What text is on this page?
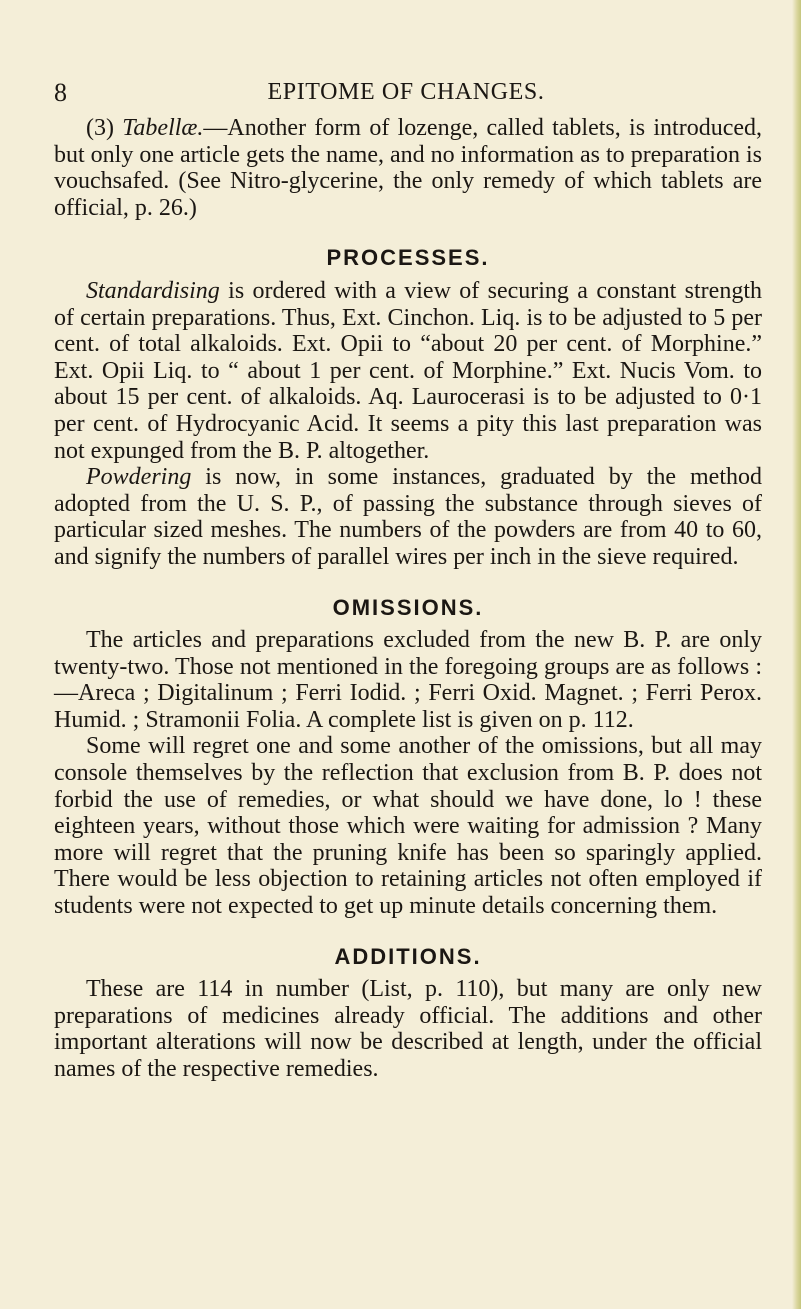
8	EPITOME OF CHANGES.

(3) Tabellæ.—Another form of lozenge, called tablets, is introduced, but only one article gets the name, and no information as to preparation is vouchsafed. (See Nitro-glycerine, the only remedy of which tablets are official, p. 26.)

PROCESSES.

Standardising is ordered with a view of securing a constant strength of certain preparations. Thus, Ext. Cinchon. Liq. is to be adjusted to 5 per cent. of total alkaloids. Ext. Opii to “about 20 per cent. of Morphine.” Ext. Opii Liq. to “ about 1 per cent. of Morphine.” Ext. Nucis Vom. to about 15 per cent. of alkaloids. Aq. Laurocerasi is to be adjusted to 0·1 per cent. of Hydrocyanic Acid. It seems a pity this last preparation was not expunged from the B. P. altogether.

Powdering is now, in some instances, graduated by the method adopted from the U. S. P., of passing the substance through sieves of particular sized meshes. The numbers of the powders are from 40 to 60, and signify the numbers of parallel wires per inch in the sieve required.

OMISSIONS.

The articles and preparations excluded from the new B. P. are only twenty-two. Those not mentioned in the foregoing groups are as follows :—Areca ; Digitalinum ; Ferri Iodid. ; Ferri Oxid. Magnet. ; Ferri Perox. Humid. ; Stramonii Folia. A complete list is given on p. 112.

Some will regret one and some another of the omissions, but all may console themselves by the reflection that exclusion from B. P. does not forbid the use of remedies, or what should we have done, lo ! these eighteen years, without those which were waiting for admission ? Many more will regret that the pruning knife has been so sparingly applied. There would be less objection to retaining articles not often employed if students were not expected to get up minute details concerning them.

ADDITIONS.

These are 114 in number (List, p. 110), but many are only new preparations of medicines already official. The additions and other important alterations will now be described at length, under the official names of the respective remedies.
